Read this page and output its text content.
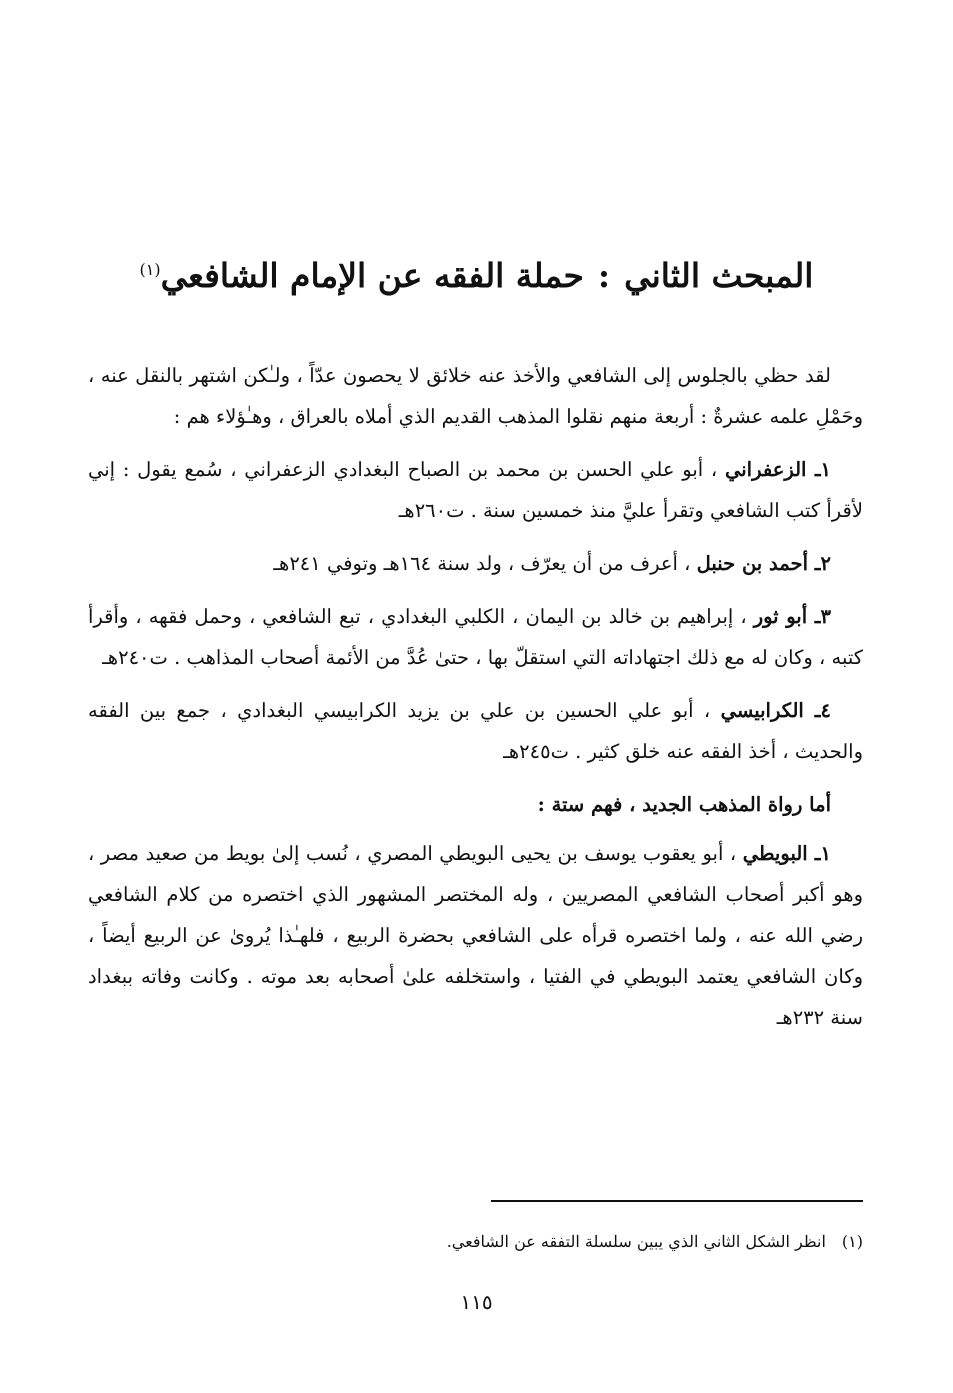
المبحث الثاني:حملة الفقه عن الإمام الشافعي$^{(١)}$

لقد حظي بالجلوس إلى الشافعي والأخذ عنه خلائق لا يحصون عدّاً ، ولـٰكن اشتهر بالنقل عنه ، وحَمْلِ علمه عشرةٌ : أربعة منهم نقلوا المذهب القديم الذي أملاه بالعراق ، وهـٰؤلاء هم :

١ـ الزعفراني ، أبو علي الحسن بن محمد بن الصباح البغدادي الزعفراني ، سُمع يقول : إني لأقرأ كتب الشافعي وتقرأ عليَّ منذ خمسين سنة . ت٢٦٠هـ

٢ـ أحمد بن حنبل ، أعرف من أن يعرّف ، ولد سنة ١٦٤هـ وتوفي ٢٤١هـ

٣ـ أبو ثور ، إبراهيم بن خالد بن اليمان ، الكلبي البغدادي ، تبع الشافعي ، وحمل فقهه ، وأقرأ كتبه ، وكان له مع ذلك اجتهاداته التي استقلّ بها ، حتىٰ عُدَّ من الأئمة أصحاب المذاهب . ت٢٤٠هـ

٤ـ الكرابيسي ، أبو علي الحسين بن علي بن يزيد الكرابيسي البغدادي ، جمع بين الفقه والحديث ، أخذ الفقه عنه خلق كثير . ت٢٤٥هـ

أما رواة المذهب الجديد ، فهم ستة :

١ـ البويطي ، أبو يعقوب يوسف بن يحيى البويطي المصري ، نُسب إلىٰ بويط من صعيد مصر ، وهو أكبر أصحاب الشافعي المصريين ، وله المختصر المشهور الذي اختصره من كلام الشافعي رضي الله عنه ، ولما اختصره قرأه على الشافعي بحضرة الربيع ، فلهـٰذا يُروىٰ عن الربيع أيضاً ، وكان الشافعي يعتمد البويطي في الفتيا ، واستخلفه علىٰ أصحابه بعد موته . وكانت وفاته ببغداد سنة ٢٣٢هـ

(١)انظر الشكل الثاني الذي يبين سلسلة التفقه عن الشافعي.
١١٥
